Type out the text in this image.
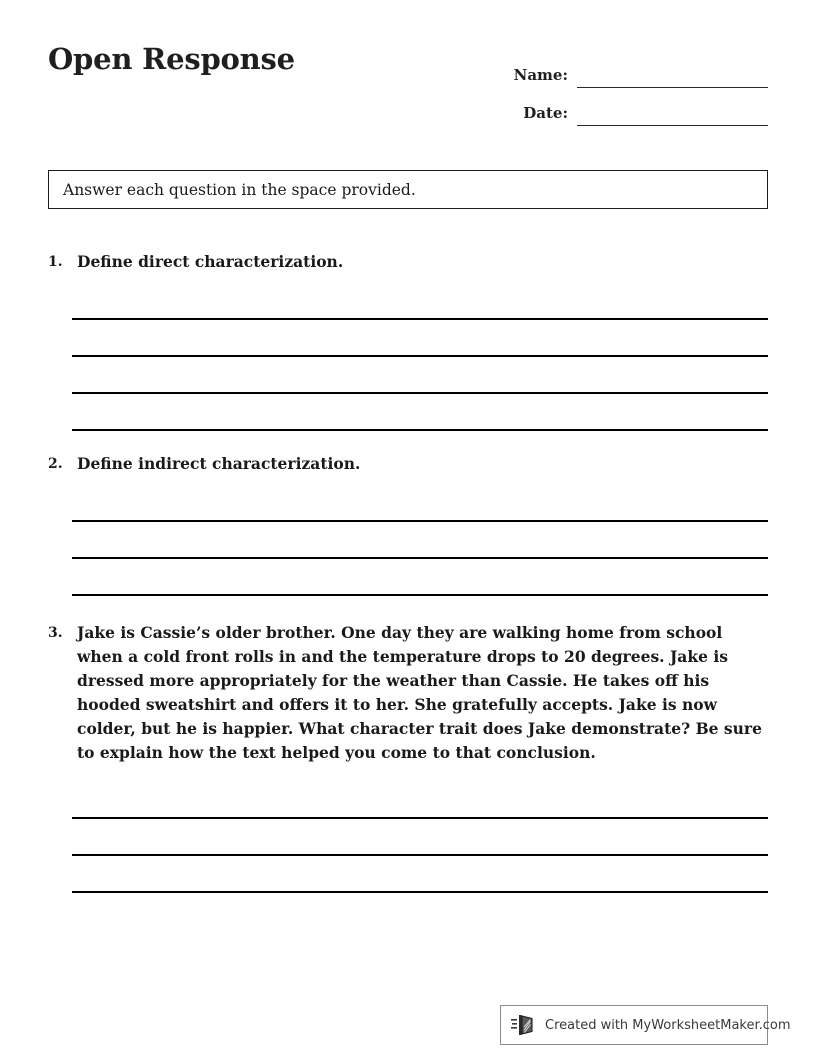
Open Response	Name:
Date:
Answer each question in the space provided.
1. Define direct characterization.
2. Define indirect characterization.
3. Jake is Cassie’s older brother. One day they are walking home from school when a cold front rolls in and the temperature drops to 20 degrees. Jake is dressed more appropriately for the weather than Cassie. He takes off his hooded sweatshirt and offers it to her. She gratefully accepts. Jake is now colder, but he is happier. What character trait does Jake demonstrate? Be sure to explain how the text helped you come to that conclusion.
Created with MyWorksheetMaker.com
